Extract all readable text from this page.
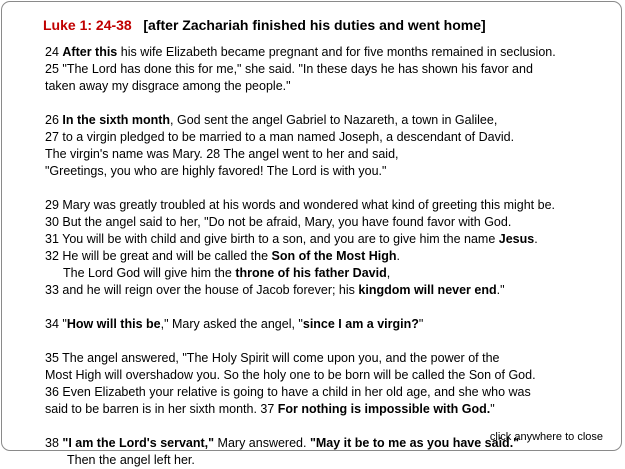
Luke 1: 24-38 [after Zachariah finished his duties and went home]
24 After this his wife Elizabeth became pregnant and for five months remained in seclusion.
25 "The Lord has done this for me," she said. "In these days he has shown his favor and
taken away my disgrace among the people."
26 In the sixth month, God sent the angel Gabriel to Nazareth, a town in Galilee,
27 to a virgin pledged to be married to a man named Joseph, a descendant of David.
The virgin's name was Mary. 28 The angel went to her and said,
"Greetings, you who are highly favored! The Lord is with you."
29 Mary was greatly troubled at his words and wondered what kind of greeting this might be.
30 But the angel said to her, "Do not be afraid, Mary, you have found favor with God.
31 You will be with child and give birth to a son, and you are to give him the name Jesus.
32 He will be great and will be called the Son of the Most High.
The Lord God will give him the throne of his father David,
33 and he will reign over the house of Jacob forever; his kingdom will never end."
34 "How will this be," Mary asked the angel, "since I am a virgin?"
35 The angel answered, "The Holy Spirit will come upon you, and the power of the
Most High will overshadow you. So the holy one to be born will be called the Son of God.
36 Even Elizabeth your relative is going to have a child in her old age, and she who was
said to be barren is in her sixth month. 37 For nothing is impossible with God."
38 "I am the Lord's servant," Mary answered. "May it be to me as you have said."
Then the angel left her.
click anywhere to close
